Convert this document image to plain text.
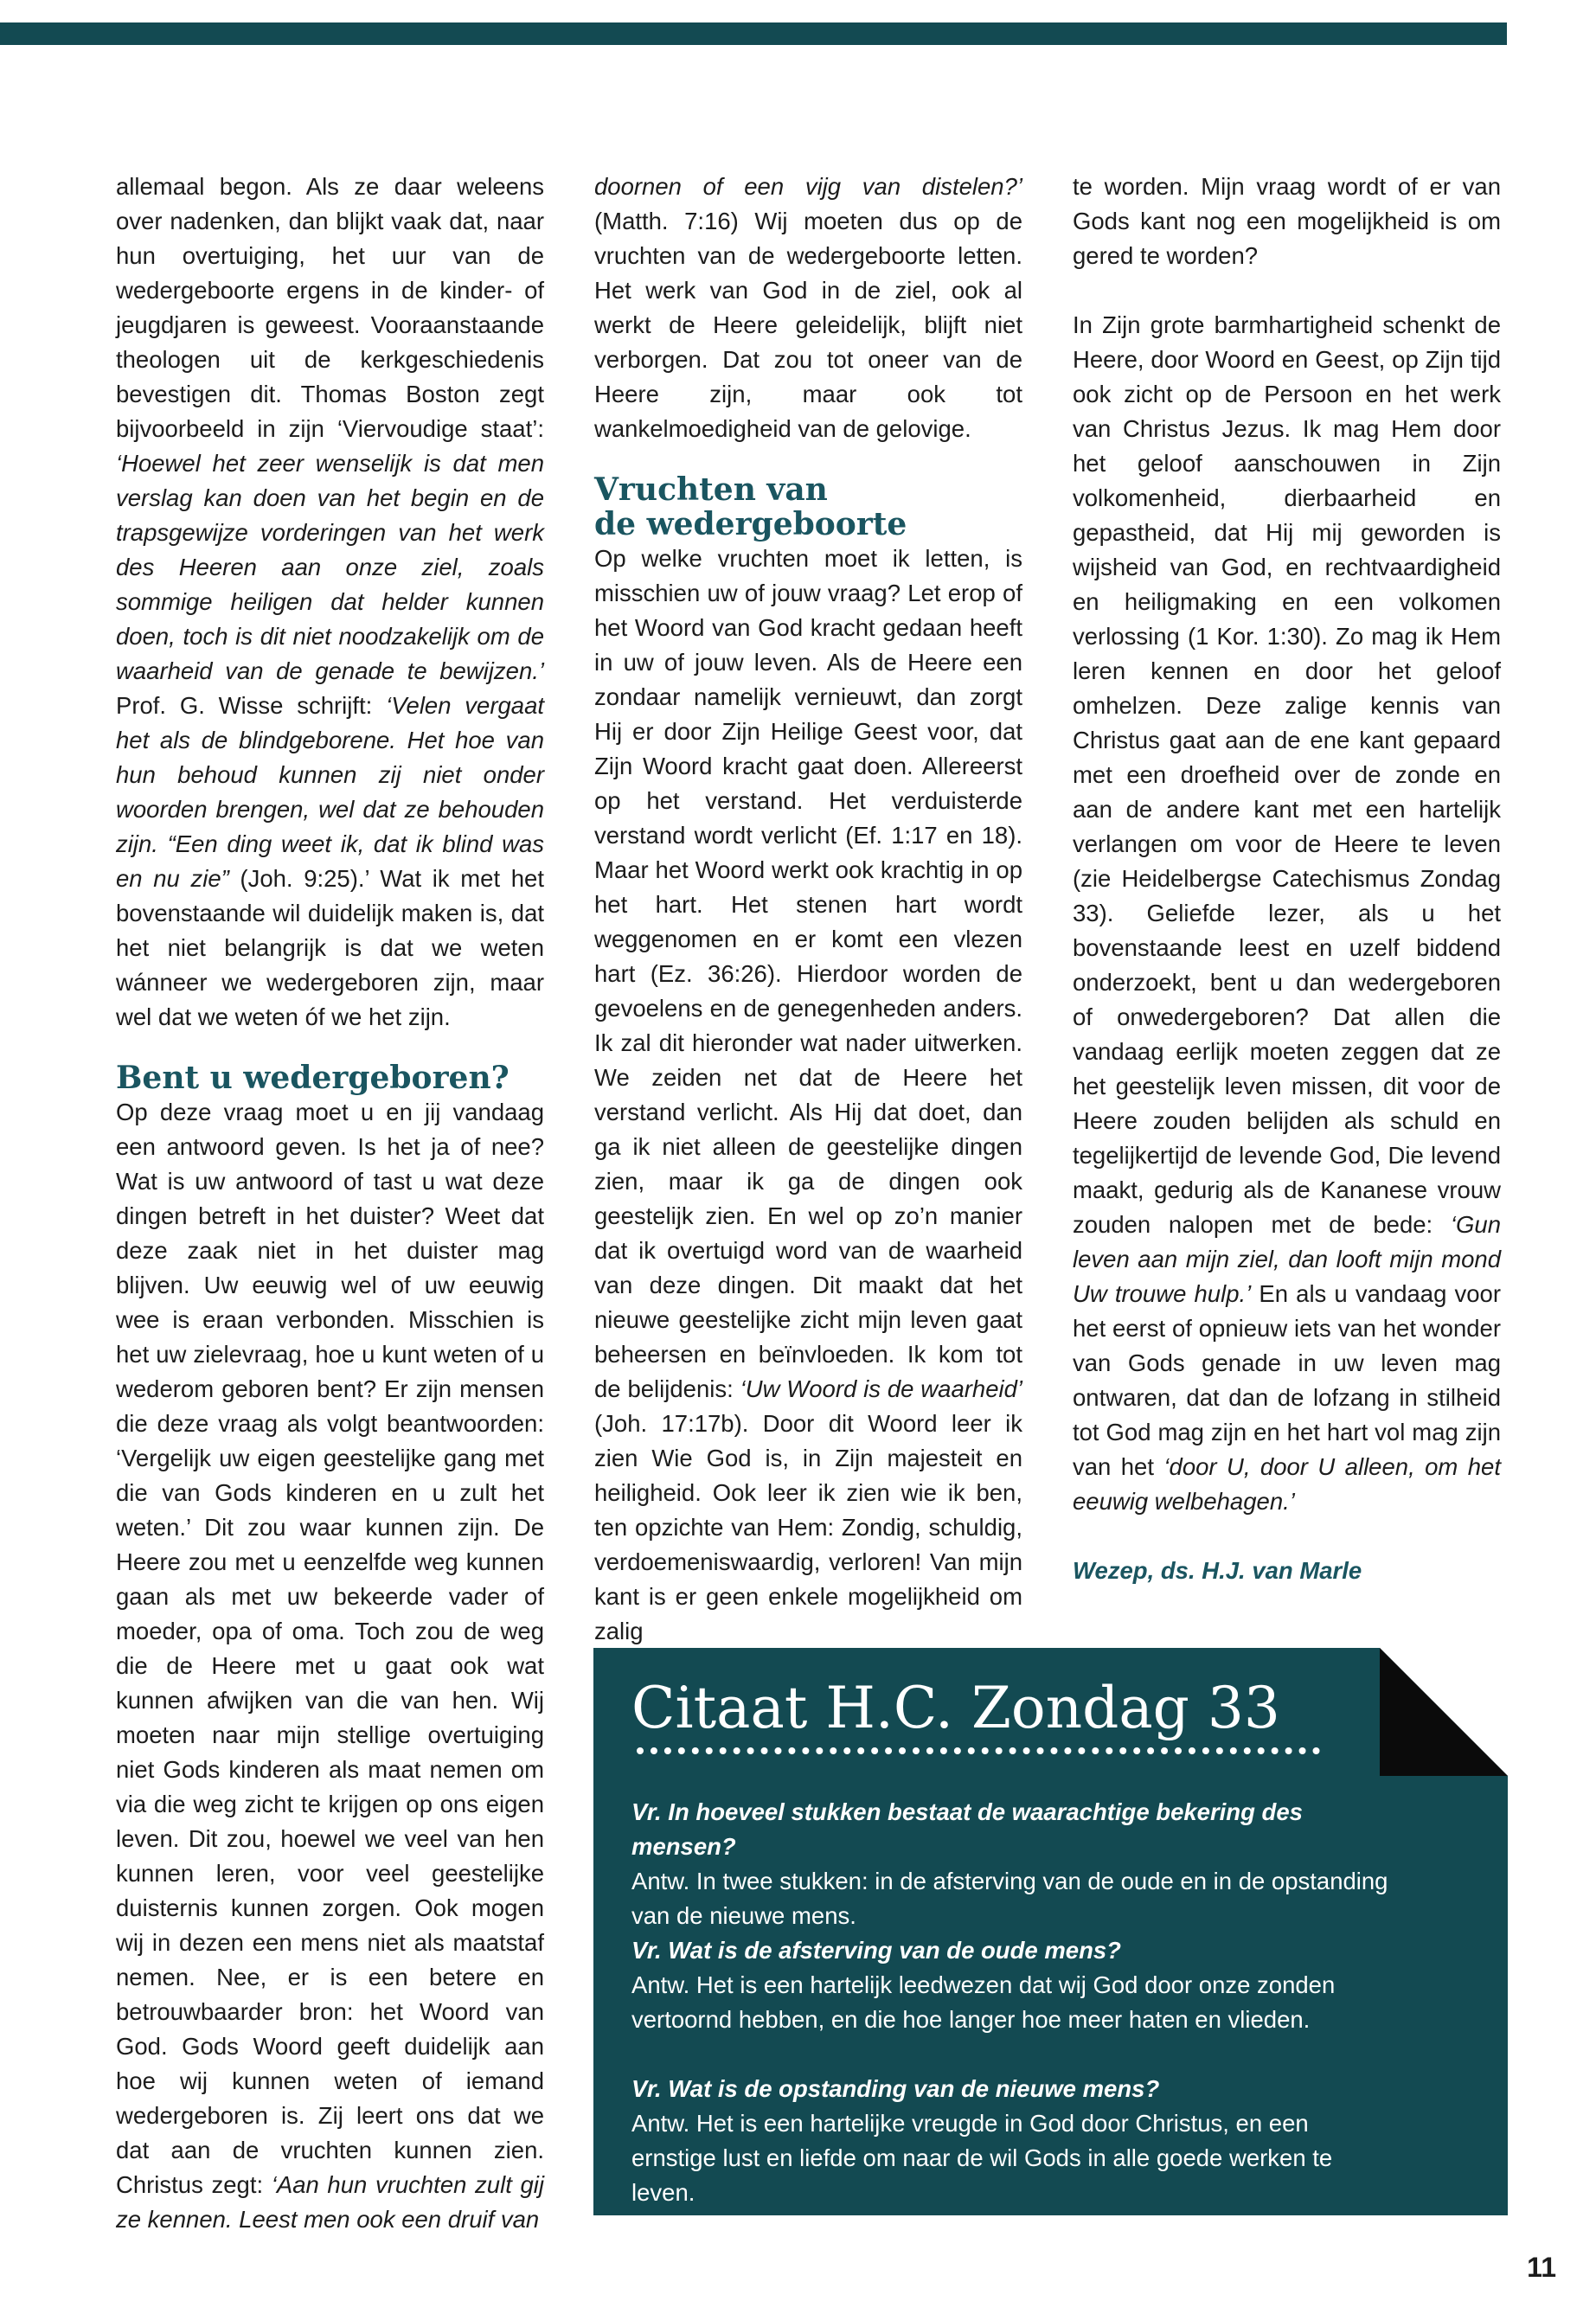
allemaal begon. Als ze daar weleens over nadenken, dan blijkt vaak dat, naar hun overtuiging, het uur van de wedergeboorte ergens in de kinder- of jeugdjaren is geweest. Vooraanstaande theologen uit de kerkgeschiedenis bevestigen dit. Thomas Boston zegt bijvoorbeeld in zijn ‘Viervoudige staat’: ‘Hoewel het zeer wenselijk is dat men verslag kan doen van het begin en de trapsgewijze vorderingen van het werk des Heeren aan onze ziel, zoals sommige heiligen dat helder kunnen doen, toch is dit niet noodzakelijk om de waarheid van de genade te bewijzen.’ Prof. G. Wisse schrijft: ‘Velen vergaat het als de blindgeborene. Het hoe van hun behoud kunnen zij niet onder woorden brengen, wel dat ze behouden zijn. “Een ding weet ik, dat ik blind was en nu zie” (Joh. 9:25).’ Wat ik met het bovenstaande wil duidelijk maken is, dat het niet belangrijk is dat we weten wánneer we wedergeboren zijn, maar wel dat we weten óf we het zijn.

Bent u wedergeboren?

Op deze vraag moet u en jij vandaag een antwoord geven. Is het ja of nee? Wat is uw antwoord of tast u wat deze dingen betreft in het duister? Weet dat deze zaak niet in het duister mag blijven. Uw eeuwig wel of uw eeuwig wee is eraan verbonden. Misschien is het uw zielevraag, hoe u kunt weten of u wederom geboren bent? Er zijn mensen die deze vraag als volgt beantwoorden: ‘Vergelijk uw eigen geestelijke gang met die van Gods kinderen en u zult het weten.’ Dit zou waar kunnen zijn. De Heere zou met u eenzelfde weg kunnen gaan als met uw bekeerde vader of moeder, opa of oma. Toch zou de weg die de Heere met u gaat ook wat kunnen afwijken van die van hen. Wij moeten naar mijn stellige overtuiging niet Gods kinderen als maat nemen om via die weg zicht te krijgen op ons eigen leven. Dit zou, hoewel we veel van hen kunnen leren, voor veel geestelijke duisternis kunnen zorgen. Ook mogen wij in dezen een mens niet als maatstaf nemen. Nee, er is een betere en betrouwbaarder bron: het Woord van God. Gods Woord geeft duidelijk aan hoe wij kunnen weten of iemand wedergeboren is. Zij leert ons dat we dat aan de vruchten kunnen zien. Christus zegt: ‘Aan hun vruchten zult gij ze kennen. Leest men ook een druif van

doornen of een vijg van distelen?’ (Matth. 7:16) Wij moeten dus op de vruchten van de wedergeboorte letten. Het werk van God in de ziel, ook al werkt de Heere geleidelijk, blijft niet verborgen. Dat zou tot oneer van de Heere zijn, maar ook tot wankelmoedigheid van de gelovige.

Vruchten van
de wedergeboorte

Op welke vruchten moet ik letten, is misschien uw of jouw vraag? Let erop of het Woord van God kracht gedaan heeft in uw of jouw leven. Als de Heere een zondaar namelijk vernieuwt, dan zorgt Hij er door Zijn Heilige Geest voor, dat Zijn Woord kracht gaat doen. Allereerst op het verstand. Het verduisterde verstand wordt verlicht (Ef. 1:17 en 18). Maar het Woord werkt ook krachtig in op het hart. Het stenen hart wordt weggenomen en er komt een vlezen hart (Ez. 36:26). Hierdoor worden de gevoelens en de genegenheden anders. Ik zal dit hieronder wat nader uitwerken. We zeiden net dat de Heere het verstand verlicht. Als Hij dat doet, dan ga ik niet alleen de geestelijke dingen zien, maar ik ga de dingen ook geestelijk zien. En wel op zo’n manier dat ik overtuigd word van de waarheid van deze dingen. Dit maakt dat het nieuwe geestelijke zicht mijn leven gaat beheersen en beïnvloeden. Ik kom tot de belijdenis: ‘Uw Woord is de waarheid’ (Joh. 17:17b). Door dit Woord leer ik zien Wie God is, in Zijn majesteit en heiligheid. Ook leer ik zien wie ik ben, ten opzichte van Hem: Zondig, schuldig, verdoemeniswaardig, verloren! Van mijn kant is er geen enkele mogelijkheid om zalig

te worden. Mijn vraag wordt of er van Gods kant nog een mogelijkheid is om gered te worden?

In Zijn grote barmhartigheid schenkt de Heere, door Woord en Geest, op Zijn tijd ook zicht op de Persoon en het werk van Christus Jezus. Ik mag Hem door het geloof aanschouwen in Zijn volkomenheid, dierbaarheid en gepastheid, dat Hij mij geworden is wijsheid van God, en rechtvaardigheid en heiligmaking en een volkomen verlossing (1 Kor. 1:30). Zo mag ik Hem leren kennen en door het geloof omhelzen. Deze zalige kennis van Christus gaat aan de ene kant gepaard met een droefheid over de zonde en aan de andere kant met een hartelijk verlangen om voor de Heere te leven (zie Heidelbergse Catechismus Zondag 33). Geliefde lezer, als u het bovenstaande leest en uzelf biddend onderzoekt, bent u dan wedergeboren of onwedergeboren? Dat allen die vandaag eerlijk moeten zeggen dat ze het geestelijk leven missen, dit voor de Heere zouden belijden als schuld en tegelijkertijd de levende God, Die levend maakt, gedurig als de Kananese vrouw zouden nalopen met de bede: ‘Gun leven aan mijn ziel, dan looft mijn mond Uw trouwe hulp.’ En als u vandaag voor het eerst of opnieuw iets van het wonder van Gods genade in uw leven mag ontwaren, dat dan de lofzang in stilheid tot God mag zijn en het hart vol mag zijn van het ‘door U, door U alleen, om het eeuwig welbehagen.’

Wezep, ds. H.J. van Marle

Citaat H.C. Zondag 33
Vr. In hoeveel stukken bestaat de waarachtige bekering des mensen?
Antw. In twee stukken: in de afsterving van de oude en in de opstanding van de nieuwe mens.
Vr. Wat is de afsterving van de oude mens?
Antw. Het is een hartelijk leedwezen dat wij God door onze zonden vertoornd hebben, en die hoe langer hoe meer haten en vlieden.
Vr. Wat is de opstanding van de nieuwe mens?
Antw. Het is een hartelijke vreugde in God door Christus, en een ernstige lust en liefde om naar de wil Gods in alle goede werken te leven.
11
